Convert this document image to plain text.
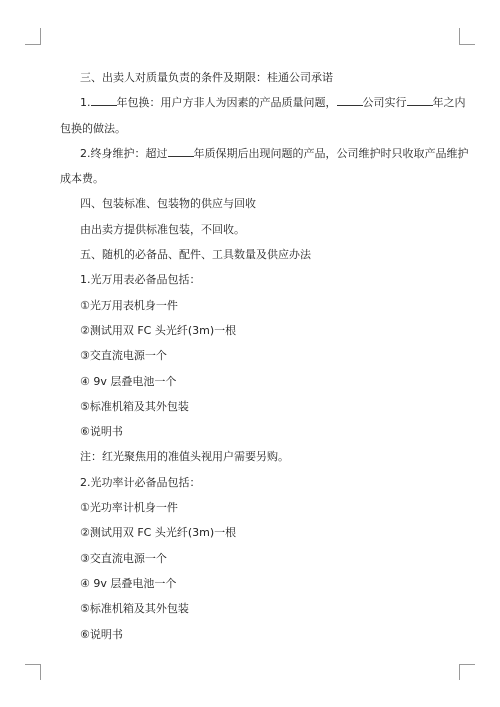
三、出卖人对质量负责的条件及期限：桂通公司承诺
1. 年包换：用户方非人为因素的产品质量问题， 公司实行 年之内
包换的做法。
2.终身维护：超过 年质保期后出现问题的产品，公司维护时只收取产品维护
成本费。
四、包装标准、包装物的供应与回收
由出卖方提供标准包装，不回收。
五、随机的必备品、配件、工具数量及供应办法
1.光万用表必备品包括：
①光万用表机身一件
②测试用双 FC 头光纤(3m)一根
③交直流电源一个
④ 9v 层叠电池一个
⑤标准机箱及其外包装
⑥说明书
注：红光聚焦用的准值头视用户需要另购。
2.光功率计必备品包括：
①光功率计机身一件
②测试用双 FC 头光纤(3m)一根
③交直流电源一个
④ 9v 层叠电池一个
⑤标准机箱及其外包装
⑥说明书
